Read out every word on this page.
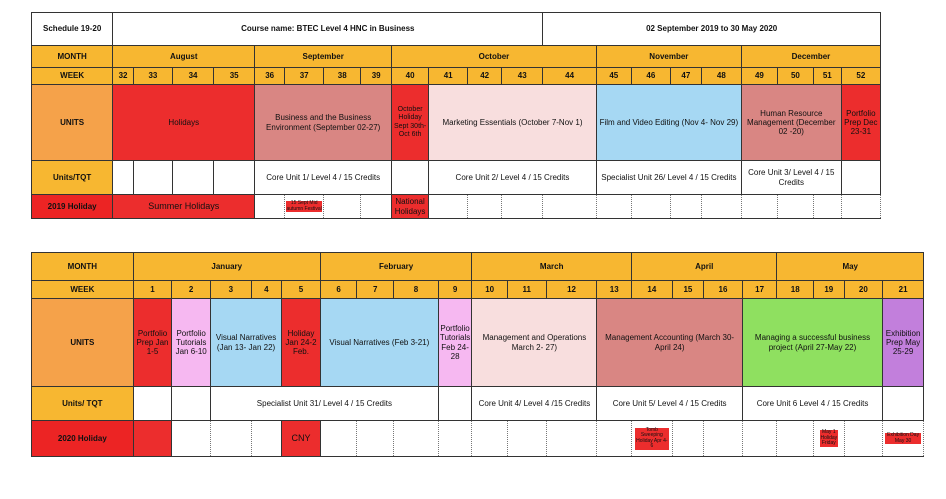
Schedule 19-20	Course name: BTEC Level 4 HNC in Business												02 September 2019 to 30 May 2020								
MONTH	August				September				October					November				December			
WEEK	32	33	34	35	36	37	38	39	40	41	42	43	44	45	46	47	48	49	50	51	52
UNITS	Holidays				Business and the Business Environment (September 02-27)				October Holiday Sept 30th- Oct 6th	Marketing Essentials (October 7-Nov 1)				Film and Video Editing (Nov 4- Nov 29)				Human Resource Management (December 02 -20)			Portfolio Prep Dec 23-31
Units/TQT					Core Unit 1/ Level 4 / 15 Credits					Core Unit 2/ Level 4 / 15 Credits				Specialist Unit 26/ Level 4 / 15 Credits				Core Unit 3/ Level 4 / 15 Credits			
2019 Holiday	Summer Holidays					15 Sept Mid autumn Festival			National Holidays												
MONTH	January					February				March				April				May			
WEEK	1	2	3	4	5	6	7	8	9	10	11	12	13	14	15	16	17	18	19	20	21
UNITS	Portfolio Prep Jan 1-5	Portfolio Tutorials Jan 6-10	Visual Narratives (Jan 13- Jan 22)		Holiday Jan 24-2 Feb.	Visual Narratives (Feb 3-21)			Portfolio Tutorials Feb 24-28	Management and Operations March 2- 27)			Management Accounting (March 30- April 24)				Managing a successful business project (April 27-May 22)				Exhibition Prep May 25-29
Units/ TQT			Specialist Unit 31/ Level 4 / 15 Credits							Core Unit 4/ Level 4 /15 Credits			Core Unit 5/ Level 4 / 15 Credits				Core Unit 6 Level 4 / 15 Credits				
2020 Holiday					CNY									Tomb Sweeping Holiday Apr 4-6					May 1 Holiday Friday		Exhibition Day May 30
